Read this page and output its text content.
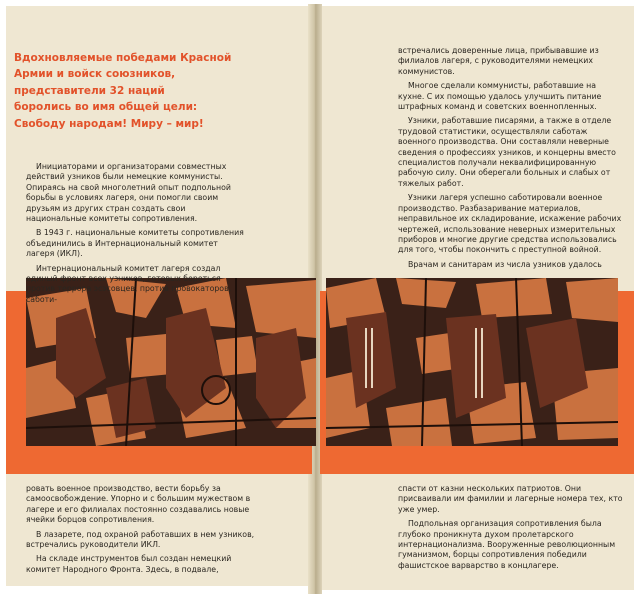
Вдохновляемые победами Красной
Армии и войск союзников,
представители 32 наций
боролись во имя общей цели:
Свободу народам! Миру – мир!

Инициаторами и организаторами совместных действий узников были немецкие коммунисты. Опираясь на свой многолетний опыт подпольной борьбы в условиях лагеря, они помогли своим друзьям из других стран создать свои национальные комитеты сопротивления.

В 1943 г. национальные комитеты сопротивления объединились в Интернациональный комитет лагеря (ИКЛ).

Интернациональный комитет лагеря создал единый фронт всех узников, готовых бороться против террора эсэсовцев, против провокаторов, саботи-

встречались доверенные лица, прибывавшие из филиалов лагеря, с руководителями немецких коммунистов.

Многое сделали коммунисты, работавшие на кухне. С их помощью удалось улучшить питание штрафных команд и советских военнопленных.

Узники, работавшие писарями, а также в отделе трудовой статистики, осуществляли саботаж военного производства. Они составляли неверные сведения о профессиях узников, и концерны вместо специалистов получали неквалифицированную рабочую силу. Они оберегали больных и слабых от тяжелых работ.

Узники лагеря успешно саботировали военное производство. Разбазаривание материалов, неправильное их складирование, искажение рабочих чертежей, использование неверных измерительных приборов и многие другие средства использовались для того, чтобы покончить с преступной войной.

Врачам и санитарам из числа узников удалось

ровать военное производство, вести борьбу за самоосвобождение. Упорно и с большим мужеством в лагере и его филиалах постоянно создавались новые ячейки борцов сопротивления.

В лазарете, под охраной работавших в нем узников, встречались руководители ИКЛ.

На складе инструментов был создан немецкий комитет Народного Фронта. Здесь, в подвале,

спасти от казни нескольких патриотов. Они присваивали им фамилии и лагерные номера тех, кто уже умер.

Подпольная организация сопротивления была глубоко проникнута духом пролетарского интернационализма. Вооруженные революционным гуманизмом, борцы сопротивления победили фашистское варварство в концлагере.
